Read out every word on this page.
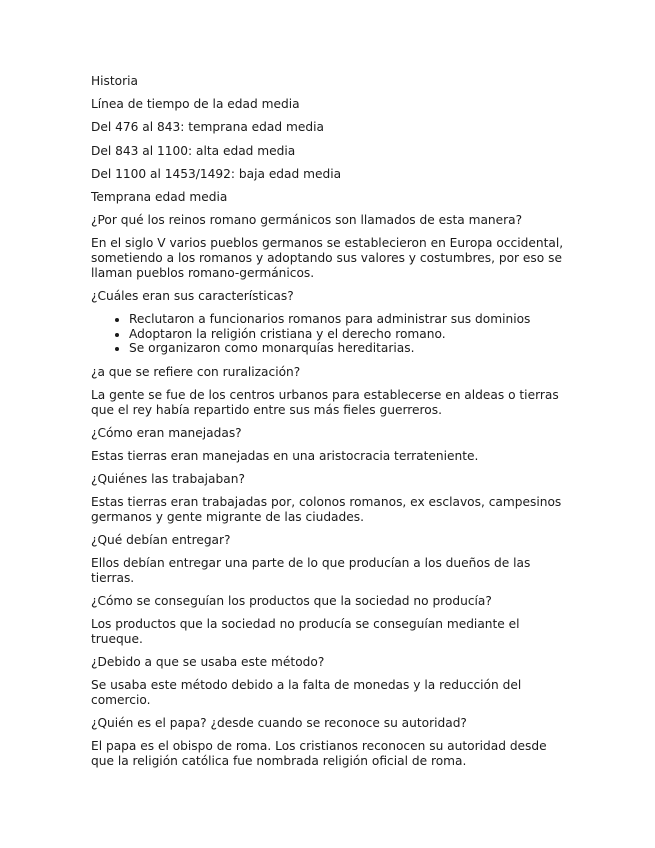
Historia

Línea de tiempo de la edad media

Del 476 al 843: temprana edad media

Del 843 al 1100: alta edad media

Del 1100 al 1453/1492: baja edad media

Temprana edad media

¿Por qué los reinos romano germánicos son llamados de esta manera?

En el siglo V varios pueblos germanos se establecieron en Europa occidental, sometiendo a los romanos y adoptando sus valores y costumbres, por eso se llaman pueblos romano-germánicos.

¿Cuáles eran sus características?

• Reclutaron a funcionarios romanos para administrar sus dominios
• Adoptaron la religión cristiana y el derecho romano.
• Se organizaron como monarquías hereditarias.

¿a que se refiere con ruralización?

La gente se fue de los centros urbanos para establecerse en aldeas o tierras que el rey había repartido entre sus más fieles guerreros.

¿Cómo eran manejadas?

Estas tierras eran manejadas en una aristocracia terrateniente.

¿Quiénes las trabajaban?

Estas tierras eran trabajadas por, colonos romanos, ex esclavos, campesinos germanos y gente migrante de las ciudades.

¿Qué debían entregar?

Ellos debían entregar una parte de lo que producían a los dueños de las tierras.

¿Cómo se conseguían los productos que la sociedad no producía?

Los productos que la sociedad no producía se conseguían mediante el trueque.

¿Debido a que se usaba este método?

Se usaba este método debido a la falta de monedas y la reducción del comercio.

¿Quién es el papa? ¿desde cuando se reconoce su autoridad?

El papa es el obispo de roma. Los cristianos reconocen su autoridad desde que la religión católica fue nombrada religión oficial de roma.
